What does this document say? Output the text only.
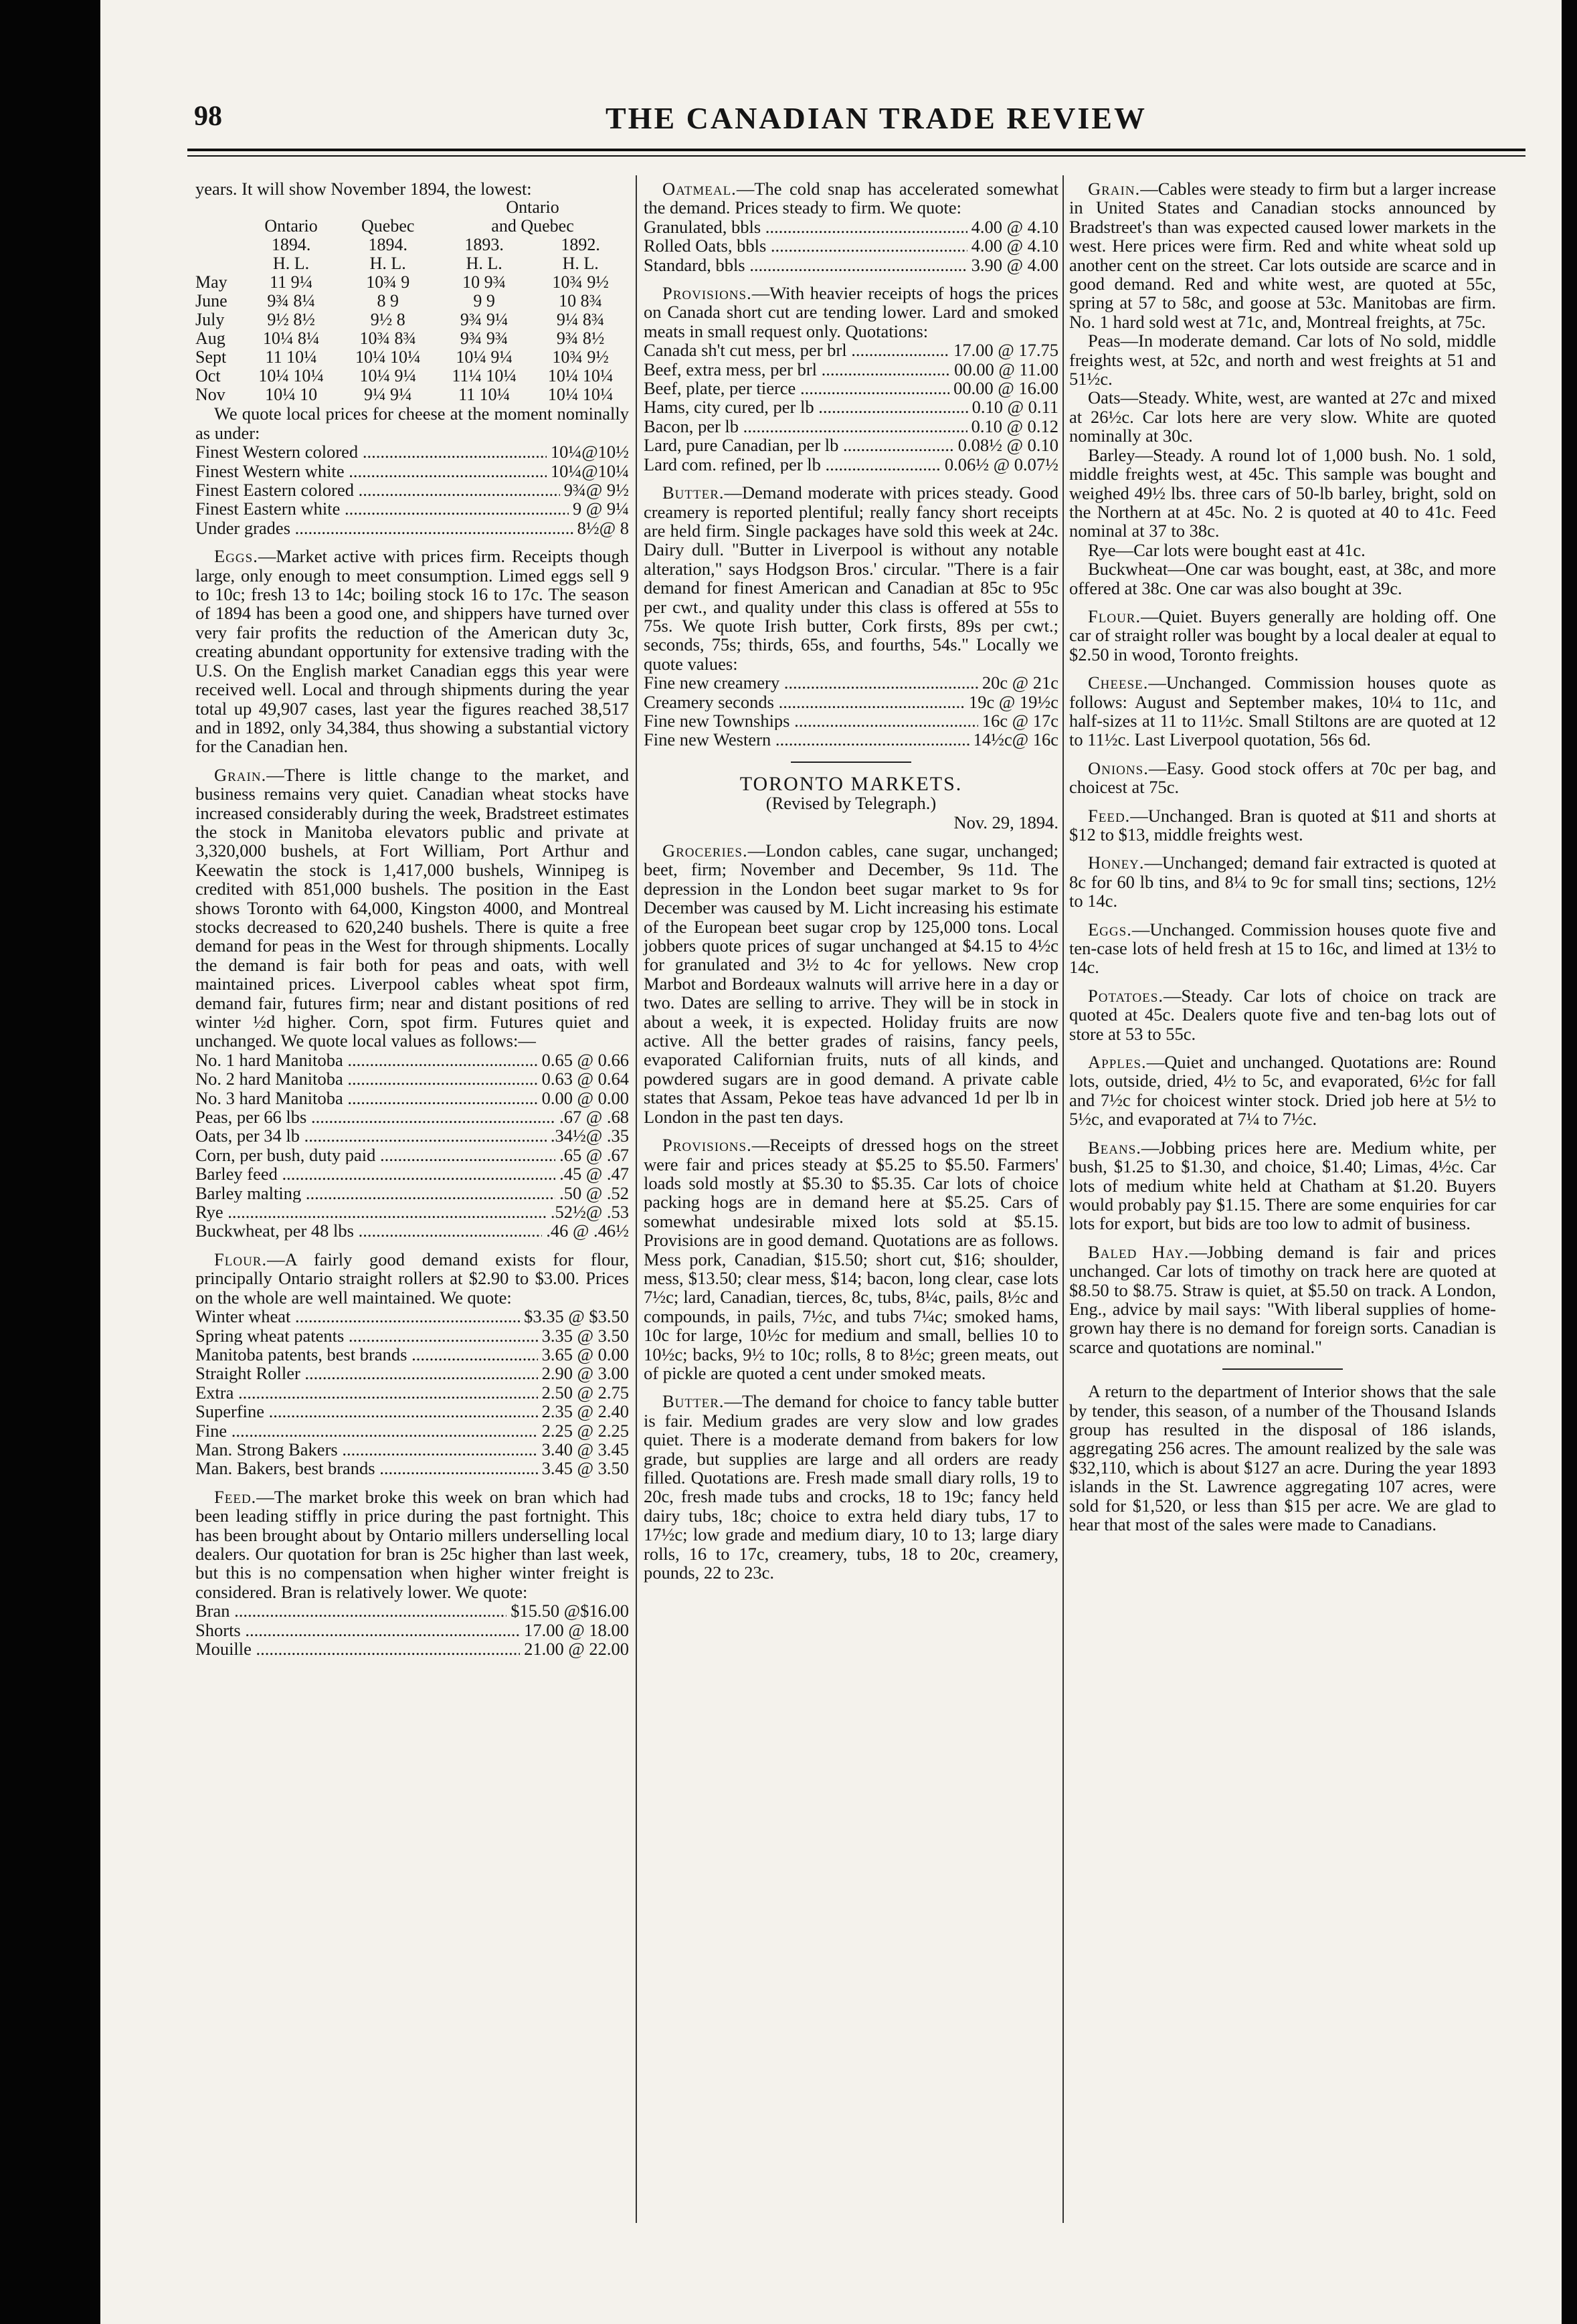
98	THE CANADIAN TRADE REVIEW

years. It will show November 1894, the lowest:

			Ontario	
	Ontario	Quebec	and Quebec	
	1894.	1894.	1893.	1892.
	H. L.	H. L.	H. L.	H. L.
May	11 9¼	10¾ 9	10 9¾	10¾ 9½
June	9¾ 8¼	8 9	9 9	10 8¾
July	9½ 8½	9½ 8	9¾ 9¼	9¼ 8¾
Aug	10¼ 8¼	10¾ 8¾	9¾ 9¾	9¾ 8½
Sept	11 10¼	10¼ 10¼	10¼ 9¼	10¾ 9½
Oct	10¼ 10¼	10¼ 9¼	11¼ 10¼	10¼ 10¼
Nov	10¼ 10	9¼ 9¼	11 10¼	10¼ 10¼

We quote local prices for cheese at the moment nominally as under:

Finest Western colored .....	10¼@10½
Finest Western white .....	10¼@10¼
Finest Eastern colored .....	9¾@ 9½
Finest Eastern white .....	9 @ 9¼
Under grades .....	8½@ 8

Eggs.—Market active with prices firm. Receipts though large, only enough to meet consumption. Limed eggs sell 9 to 10c; fresh 13 to 14c; boiling stock 16 to 17c. The season of 1894 has been a good one, and shippers have turned over very fair profits the reduction of the American duty 3c, creating abundant opportunity for extensive trading with the U.S. On the English market Canadian eggs this year were received well. Local and through shipments during the year total up 49,907 cases, last year the figures reached 38,517 and in 1892, only 34,384, thus showing a substantial victory for the Canadian hen.

Grain.—There is little change to the market, and business remains very quiet. Canadian wheat stocks have increased considerably during the week, Bradstreet estimates the stock in Manitoba elevators public and private at 3,320,000 bushels, at Fort William, Port Arthur and Keewatin the stock is 1,417,000 bushels, Winnipeg is credited with 851,000 bushels. The position in the East shows Toronto with 64,000, Kingston 4000, and Montreal stocks decreased to 620,240 bushels. There is quite a free demand for peas in the West for through shipments. Locally the demand is fair both for peas and oats, with well maintained prices. Liverpool cables wheat spot firm, demand fair, futures firm; near and distant positions of red winter ½d higher. Corn, spot firm. Futures quiet and unchanged. We quote local values as follows:—

No. 1 hard Manitoba .....	0.65 @ 0.66
No. 2 hard Manitoba .....	0.63 @ 0.64
No. 3 hard Manitoba .....	0.00 @ 0.00
Peas, per 66 lbs .....	.67 @ .68
Oats, per 34 lb .....	.34½@ .35
Corn, per bush, duty paid .....	.65 @ .67
Barley feed .....	.45 @ .47
Barley malting .....	.50 @ .52
Rye .....	.52½@ .53
Buckwheat, per 48 lbs .....	.46 @ .46½

Flour.—A fairly good demand exists for flour, principally Ontario straight rollers at $2.90 to $3.00. Prices on the whole are well maintained. We quote:

Winter wheat .....	$3.35 @ $3.50
Spring wheat patents .....	3.35 @ 3.50
Manitoba patents, best brands .....	3.65 @ 0.00
Straight Roller .....	2.90 @ 3.00
Extra .....	2.50 @ 2.75
Superfine .....	2.35 @ 2.40
Fine .....	2.25 @ 2.25
Man. Strong Bakers .....	3.40 @ 3.45
Man. Bakers, best brands .....	3.45 @ 3.50

Feed.—The market broke this week on bran which had been leading stiffly in price during the past fortnight. This has been brought about by Ontario millers underselling local dealers. Our quotation for bran is 25c higher than last week, but this is no compensation when higher winter freight is considered. Bran is relatively lower. We quote:

Bran .....	$15.50 @$16.00
Shorts .....	17.00 @ 18.00
Mouille .....	21.00 @ 22.00

Oatmeal.—The cold snap has accelerated somewhat the demand. Prices steady to firm. We quote:

Granulated, bbls .....	4.00 @ 4.10
Rolled Oats, bbls .....	4.00 @ 4.10
Standard, bbls .....	3.90 @ 4.00

Provisions.—With heavier receipts of hogs the prices on Canada short cut are tending lower. Lard and smoked meats in small request only. Quotations:

Canada sh't cut mess, per brl .....	17.00 @ 17.75
Beef, extra mess, per brl .....	00.00 @ 11.00
Beef, plate, per tierce .....	00.00 @ 16.00
Hams, city cured, per lb .....	0.10 @ 0.11
Bacon, per lb .....	0.10 @ 0.12
Lard, pure Canadian, per lb .....	0.08½ @ 0.10
Lard com. refined, per lb .....	0.06½ @ 0.07½

Butter.—Demand moderate with prices steady. Good creamery is reported plentiful; really fancy short receipts are held firm. Single packages have sold this week at 24c. Dairy dull. "Butter in Liverpool is without any notable alteration," says Hodgson Bros.' circular. "There is a fair demand for finest American and Canadian at 85c to 95c per cwt., and quality under this class is offered at 55s to 75s. We quote Irish butter, Cork firsts, 89s per cwt.; seconds, 75s; thirds, 65s, and fourths, 54s." Locally we quote values:

Fine new creamery .....	20c @ 21c
Creamery seconds .....	19c @ 19½c
Fine new Townships .....	16c @ 17c
Fine new Western .....	14½c@ 16c
TORONTO MARKETS.

(Revised by Telegraph.)

Nov. 29, 1894.

Groceries.—London cables, cane sugar, unchanged; beet, firm; November and December, 9s 11d. The depression in the London beet sugar market to 9s for December was caused by M. Licht increasing his estimate of the European beet sugar crop by 125,000 tons. Local jobbers quote prices of sugar unchanged at $4.15 to 4½c for granulated and 3½ to 4c for yellows. New crop Marbot and Bordeaux walnuts will arrive here in a day or two. Dates are selling to arrive. They will be in stock in about a week, it is expected. Holiday fruits are now active. All the better grades of raisins, fancy peels, evaporated Californian fruits, nuts of all kinds, and powdered sugars are in good demand. A private cable states that Assam, Pekoe teas have advanced 1d per lb in London in the past ten days.

Provisions.—Receipts of dressed hogs on the street were fair and prices steady at $5.25 to $5.50. Farmers' loads sold mostly at $5.30 to $5.35. Car lots of choice packing hogs are in demand here at $5.25. Cars of somewhat undesirable mixed lots sold at $5.15. Provisions are in good demand. Quotations are as follows. Mess pork, Canadian, $15.50; short cut, $16; shoulder, mess, $13.50; clear mess, $14; bacon, long clear, case lots 7½c; lard, Canadian, tierces, 8c, tubs, 8¼c, pails, 8½c and compounds, in pails, 7½c, and tubs 7¼c; smoked hams, 10c for large, 10½c for medium and small, bellies 10 to 10½c; backs, 9½ to 10c; rolls, 8 to 8½c; green meats, out of pickle are quoted a cent under smoked meats.

Butter.—The demand for choice to fancy table butter is fair. Medium grades are very slow and low grades quiet. There is a moderate demand from bakers for low grade, but supplies are large and all orders are ready filled. Quotations are. Fresh made small diary rolls, 19 to 20c, fresh made tubs and crocks, 18 to 19c; fancy held dairy tubs, 18c; choice to extra held diary tubs, 17 to 17½c; low grade and medium diary, 10 to 13; large diary rolls, 16 to 17c, creamery, tubs, 18 to 20c, creamery, pounds, 22 to 23c.

Grain.—Cables were steady to firm but a larger increase in United States and Canadian stocks announced by Bradstreet's than was expected caused lower markets in the west. Here prices were firm. Red and white wheat sold up another cent on the street. Car lots outside are scarce and in good demand. Red and white west, are quoted at 55c, spring at 57 to 58c, and goose at 53c. Manitobas are firm. No. 1 hard sold west at 71c, and, Montreal freights, at 75c.

Peas—In moderate demand. Car lots of No sold, middle freights west, at 52c, and north and west freights at 51 and 51½c.

Oats—Steady. White, west, are wanted at 27c and mixed at 26½c. Car lots here are very slow. White are quoted nominally at 30c.

Barley—Steady. A round lot of 1,000 bush. No. 1 sold, middle freights west, at 45c. This sample was bought and weighed 49½ lbs. three cars of 50-lb barley, bright, sold on the Northern at at 45c. No. 2 is quoted at 40 to 41c. Feed nominal at 37 to 38c.

Rye—Car lots were bought east at 41c.

Buckwheat—One car was bought, east, at 38c, and more offered at 38c. One car was also bought at 39c.

Flour.—Quiet. Buyers generally are holding off. One car of straight roller was bought by a local dealer at equal to $2.50 in wood, Toronto freights.

Cheese.—Unchanged. Commission houses quote as follows: August and September makes, 10¼ to 11c, and half-sizes at 11 to 11½c. Small Stiltons are are quoted at 12 to 11½c. Last Liverpool quotation, 56s 6d.

Onions.—Easy. Good stock offers at 70c per bag, and choicest at 75c.

Feed.—Unchanged. Bran is quoted at $11 and shorts at $12 to $13, middle freights west.

Honey.—Unchanged; demand fair extracted is quoted at 8c for 60 lb tins, and 8¼ to 9c for small tins; sections, 12½ to 14c.

Eggs.—Unchanged. Commission houses quote five and ten-case lots of held fresh at 15 to 16c, and limed at 13½ to 14c.

Potatoes.—Steady. Car lots of choice on track are quoted at 45c. Dealers quote five and ten-bag lots out of store at 53 to 55c.

Apples.—Quiet and unchanged. Quotations are: Round lots, outside, dried, 4½ to 5c, and evaporated, 6½c for fall and 7½c for choicest winter stock. Dried job here at 5½ to 5½c, and evaporated at 7¼ to 7½c.

Beans.—Jobbing prices here are. Medium white, per bush, $1.25 to $1.30, and choice, $1.40; Limas, 4½c. Car lots of medium white held at Chatham at $1.20. Buyers would probably pay $1.15. There are some enquiries for car lots for export, but bids are too low to admit of business.

Baled Hay.—Jobbing demand is fair and prices unchanged. Car lots of timothy on track here are quoted at $8.50 to $8.75. Straw is quiet, at $5.50 on track. A London, Eng., advice by mail says: "With liberal supplies of home-grown hay there is no demand for foreign sorts. Canadian is scarce and quotations are nominal."

A return to the department of Interior shows that the sale by tender, this season, of a number of the Thousand Islands group has resulted in the disposal of 186 islands, aggregating 256 acres. The amount realized by the sale was $32,110, which is about $127 an acre. During the year 1893 islands in the St. Lawrence aggregating 107 acres, were sold for $1,520, or less than $15 per acre. We are glad to hear that most of the sales were made to Canadians.
